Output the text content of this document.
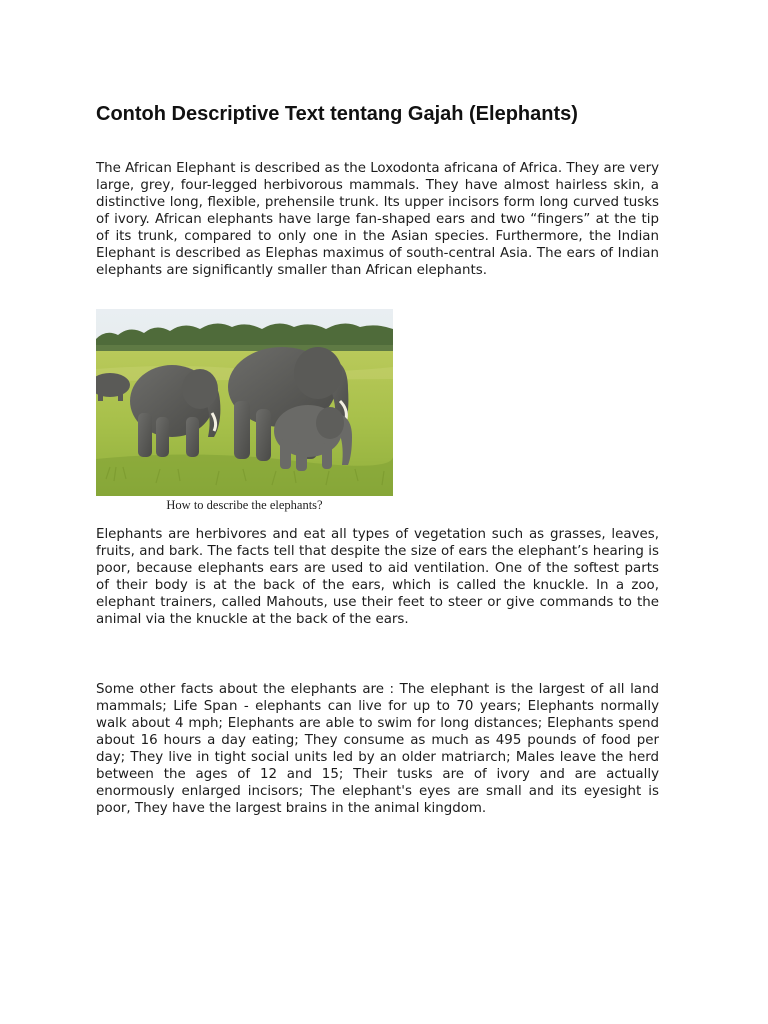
Contoh Descriptive Text tentang Gajah (Elephants)

The African Elephant is described as the Loxodonta africana of Africa. They are very large, grey, four-legged herbivorous mammals. They have almost hairless skin, a distinctive long, flexible, prehensile trunk. Its upper incisors form long curved tusks of ivory. African elephants have large fan-shaped ears and two “fingers” at the tip of its trunk, compared to only one in the Asian species. Furthermore, the Indian Elephant is described as Elephas maximus of south-central Asia. The ears of Indian elephants are significantly smaller than African elephants.

How to describe the elephants?

Elephants are herbivores and eat all types of vegetation such as grasses, leaves, fruits, and bark. The facts tell that despite the size of ears the elephant’s hearing is poor, because elephants ears are used to aid ventilation. One of the softest parts of their body is at the back of the ears, which is called the knuckle. In a zoo, elephant trainers, called Mahouts, use their feet to steer or give commands to the animal via the knuckle at the back of the ears.

Some other facts about the elephants are : The elephant is the largest of all land mammals; Life Span - elephants can live for up to 70 years; Elephants normally walk about 4 mph; Elephants are able to swim for long distances; Elephants spend about 16 hours a day eating; They consume as much as 495 pounds of food per day; They live in tight social units led by an older matriarch; Males leave the herd between the ages of 12 and 15; Their tusks are of ivory and are actually enormously enlarged incisors; The elephant's eyes are small and its eyesight is poor, They have the largest brains in the animal kingdom.
